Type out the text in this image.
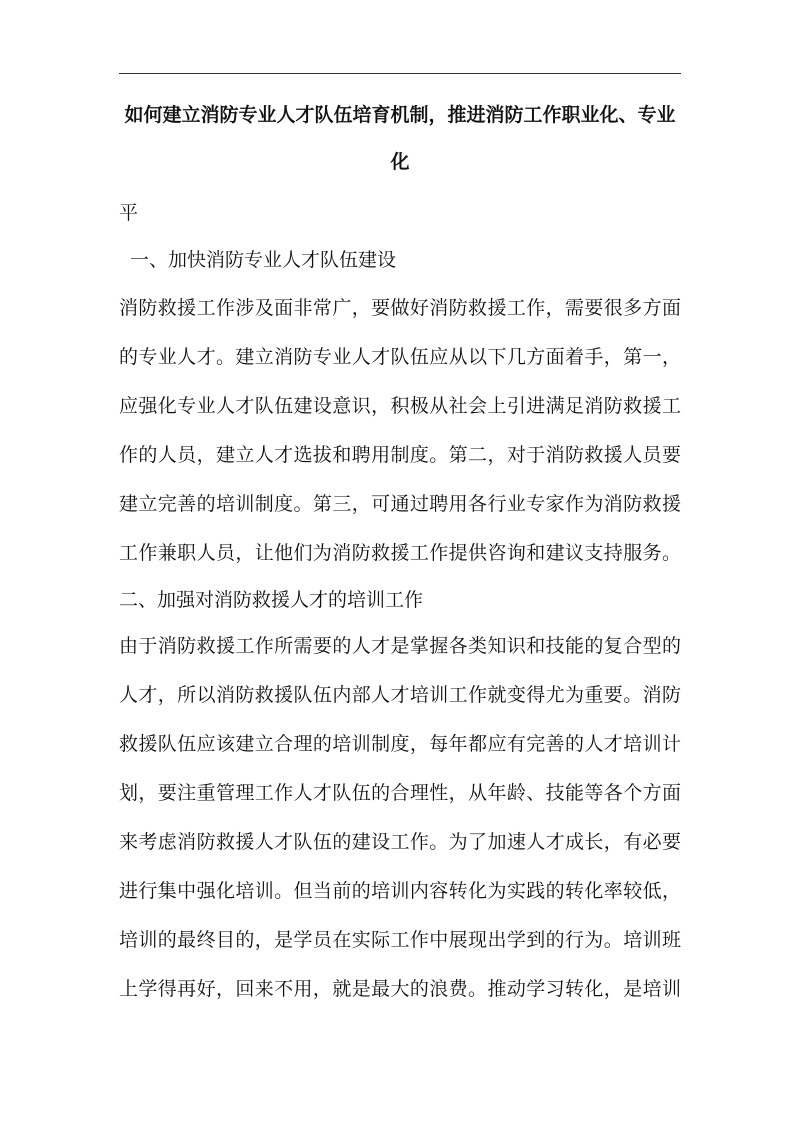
如何建立消防专业人才队伍培育机制，推进消防工作职业化、专业
化
平
一、加快消防专业人才队伍建设
消防救援工作涉及面非常广，要做好消防救援工作，需要很多方面
的专业人才。建立消防专业人才队伍应从以下几方面着手，第一，
应强化专业人才队伍建设意识，积极从社会上引进满足消防救援工
作的人员，建立人才选拔和聘用制度。第二，对于消防救援人员要
建立完善的培训制度。第三，可通过聘用各行业专家作为消防救援
工作兼职人员，让他们为消防救援工作提供咨询和建议支持服务。
二、加强对消防救援人才的培训工作
由于消防救援工作所需要的人才是掌握各类知识和技能的复合型的
人才，所以消防救援队伍内部人才培训工作就变得尤为重要。消防
救援队伍应该建立合理的培训制度，每年都应有完善的人才培训计
划，要注重管理工作人才队伍的合理性，从年龄、技能等各个方面
来考虑消防救援人才队伍的建设工作。为了加速人才成长，有必要
进行集中强化培训。但当前的培训内容转化为实践的转化率较低，
培训的最终目的，是学员在实际工作中展现出学到的行为。培训班
上学得再好，回来不用，就是最大的浪费。推动学习转化，是培训
